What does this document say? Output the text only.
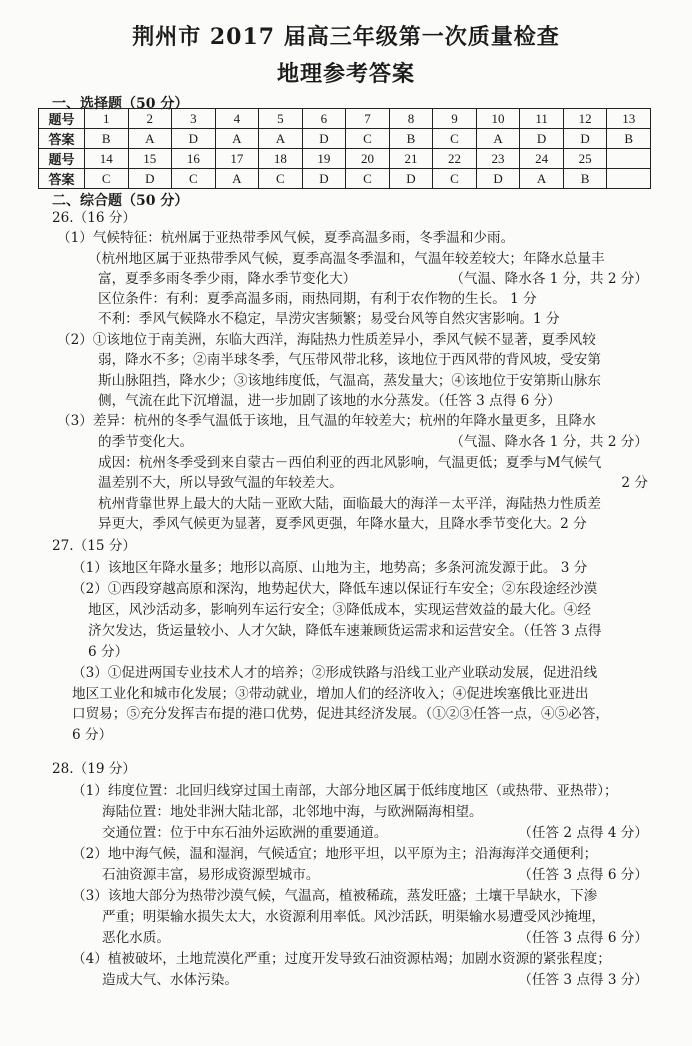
荆州市 2017 届高三年级第一次质量检查
地理参考答案
一、选择题（50 分）
题号	1	2	3	4	5	6	7	8	9	10	11	12	13
答案	B	A	D	A	A	D	C	B	C	A	D	D	B
题号	14	15	16	17	18	19	20	21	22	23	24	25	
答案	C	D	C	A	C	D	C	D	C	D	A	B	
二、综合题（50 分）
26.（16 分）
（1）气候特征：杭州属于亚热带季风气候，夏季高温多雨，冬季温和少雨。
（杭州地区属于亚热带季风气候，夏季高温冬季温和，气温年较差较大；年降水总量丰
富，夏季多雨冬季少雨，降水季节变化大）	（气温、降水各 1 分，共 2 分）
区位条件：有利：夏季高温多雨，雨热同期，有利于农作物的生长。 1 分
不利：季风气候降水不稳定，旱涝灾害频繁；易受台风等自然灾害影响。1 分
（2）①该地位于南美洲，东临大西洋，海陆热力性质差异小，季风气候不显著，夏季风较
弱，降水不多；②南半球冬季，气压带风带北移，该地位于西风带的背风坡，受安第
斯山脉阻挡，降水少；③该地纬度低，气温高，蒸发量大；④该地位于安第斯山脉东
侧，气流在此下沉增温，进一步加剧了该地的水分蒸发。（任答 3 点得 6 分）
（3）差异：杭州的冬季气温低于该地，且气温的年较差大；杭州的年降水量更多，且降水
的季节变化大。	（气温、降水各 1 分，共 2 分）
成因：杭州冬季受到来自蒙古－西伯利亚的西北风影响，气温更低；夏季与M气候气
温差别不大，所以导致气温的年较差大。	2 分
杭州背靠世界上最大的大陆－亚欧大陆，面临最大的海洋－太平洋，海陆热力性质差
异更大，季风气候更为显著，夏季风更强，年降水量大，且降水季节变化大。2 分
27.（15 分）
（1）该地区年降水量多；地形以高原、山地为主，地势高；多条河流发源于此。 3 分
（2）①西段穿越高原和深沟，地势起伏大，降低车速以保证行车安全；②东段途经沙漠
地区，风沙活动多，影响列车运行安全；③降低成本，实现运营效益的最大化。④经
济欠发达，货运量较小、人才欠缺，降低车速兼顾货运需求和运营安全。（任答 3 点得
6 分）
（3）①促进两国专业技术人才的培养；②形成铁路与沿线工业产业联动发展，促进沿线
地区工业化和城市化发展；③带动就业，增加人们的经济收入；④促进埃塞俄比亚进出
口贸易；⑤充分发挥吉布提的港口优势，促进其经济发展。（①②③任答一点，④⑤必答，
6 分）
28.（19 分）
（1）纬度位置：北回归线穿过国土南部，大部分地区属于低纬度地区（或热带、亚热带）；
海陆位置：地处非洲大陆北部，北邻地中海，与欧洲隔海相望。
交通位置：位于中东石油外运欧洲的重要通道。	（任答 2 点得 4 分）
（2）地中海气候，温和湿润，气候适宜；地形平坦，以平原为主；沿海海洋交通便利；
石油资源丰富，易形成资源型城市。	（任答 3 点得 6 分）
（3）该地大部分为热带沙漠气候，气温高，植被稀疏，蒸发旺盛；土壤干旱缺水，下渗
严重；明渠输水损失太大，水资源利用率低。风沙活跃，明渠输水易遭受风沙掩埋，
恶化水质。	（任答 3 点得 6 分）
（4）植被破坏，土地荒漠化严重；过度开发导致石油资源枯竭；加剧水资源的紧张程度；
造成大气、水体污染。	（任答 3 点得 3 分）
